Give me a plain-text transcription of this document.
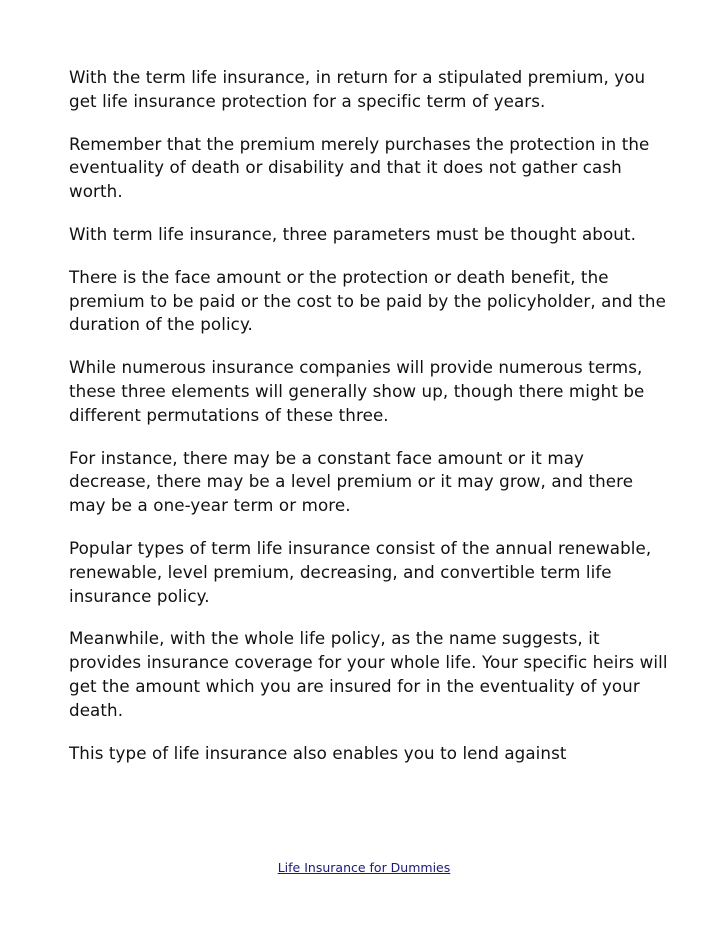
With the term life insurance, in return for a stipulated premium, you get life insurance protection for a specific term of years.

Remember that the premium merely purchases the protection in the eventuality of death or disability and that it does not gather cash worth.

With term life insurance, three parameters must be thought about.

There is the face amount or the protection or death benefit, the premium to be paid or the cost to be paid by the policyholder, and the duration of the policy.

While numerous insurance companies will provide numerous terms, these three elements will generally show up, though there might be different permutations of these three.

For instance, there may be a constant face amount or it may decrease, there may be a level premium or it may grow, and there may be a one-year term or more.

Popular types of term life insurance consist of the annual renewable, renewable, level premium, decreasing, and convertible term life insurance policy.

Meanwhile, with the whole life policy, as the name suggests, it provides insurance coverage for your whole life. Your specific heirs will get the amount which you are insured for in the eventuality of your death.

This type of life insurance also enables you to lend against

Life Insurance for Dummies
